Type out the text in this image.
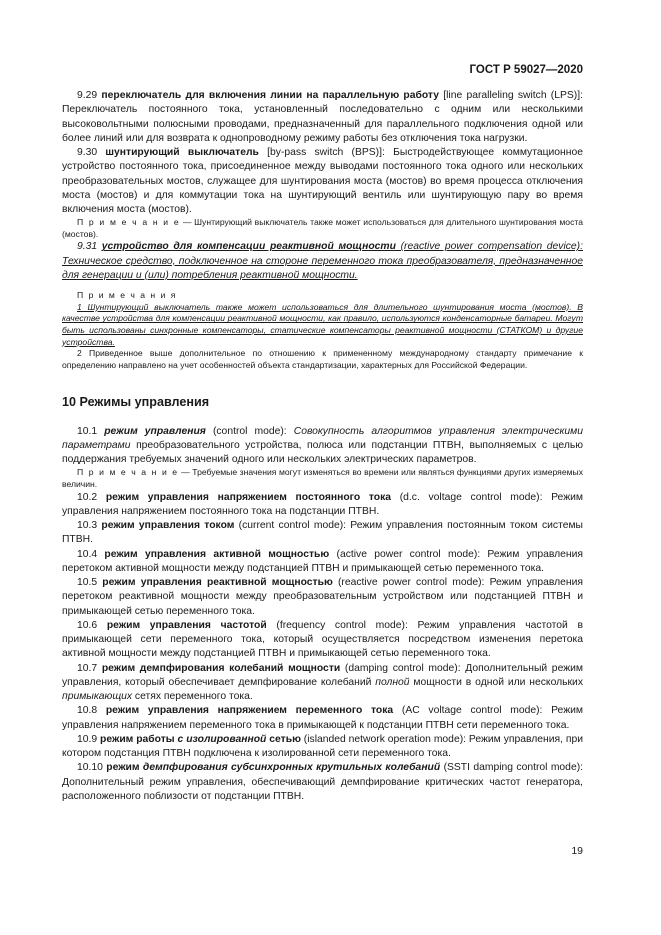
ГОСТ Р 59027—2020

9.29 переключатель для включения линии на параллельную работу [line paralleling switch (LPS)]: Переключатель постоянного тока, установленный последовательно с одним или несколькими высоковольтными полюсными проводами, предназначенный для параллельного подключения одной или более линий или для возврата к однопроводному режиму работы без отключения тока нагрузки.

9.30 шунтирующий выключатель [by-pass switch (BPS)]: Быстродействующее коммутационное устройство постоянного тока, присоединенное между выводами постоянного тока одного или нескольких преобразовательных мостов, служащее для шунтирования моста (мостов) во время процесса отключения моста (мостов) и для коммутации тока на шунтирующий вентиль или шунтирующую пару во время включения моста (мостов).

П р и м е ч а н и е — Шунтирующий выключатель также может использоваться для длительного шунтирования моста (мостов).

9.31 устройство для компенсации реактивной мощности (reactive power compensation device): Техническое средство, подключенное на стороне переменного тока преобразователя, предназначенное для генерации и (или) потребления реактивной мощности.

П р и м е ч а н и я

1 Шунтирующий выключатель также может использоваться для длительного шунтирования моста (мостов). В качестве устройства для компенсации реактивной мощности, как правило, используются конденсаторные батареи. Могут быть использованы синхронные компенсаторы, статические компенсаторы реактивной мощности (СТАТКОМ) и другие устройства.

2 Приведенное выше дополнительное по отношению к примененному международному стандарту примечание к определению направлено на учет особенностей объекта стандартизации, характерных для Российской Федерации.

10 Режимы управления

10.1 режим управления (control mode): Совокупность алгоритмов управления электрическими параметрами преобразовательного устройства, полюса или подстанции ПТВН, выполняемых с целью поддержания требуемых значений одного или нескольких электрических параметров.

П р и м е ч а н и е — Требуемые значения могут изменяться во времени или являться функциями других измеряемых величин.

10.2 режим управления напряжением постоянного тока (d.c. voltage control mode): Режим управления напряжением постоянного тока на подстанции ПТВН.

10.3 режим управления током (current control mode): Режим управления постоянным током системы ПТВН.

10.4 режим управления активной мощностью (active power control mode): Режим управления перетоком активной мощности между подстанцией ПТВН и примыкающей сетью переменного тока.

10.5 режим управления реактивной мощностью (reactive power control mode): Режим управления перетоком реактивной мощности между преобразовательным устройством или подстанцией ПТВН и примыкающей сетью переменного тока.

10.6 режим управления частотой (frequency control mode): Режим управления частотой в примыкающей сети переменного тока, который осуществляется посредством изменения перетока активной мощности между подстанцией ПТВН и примыкающей сетью переменного тока.

10.7 режим демпфирования колебаний мощности (damping control mode): Дополнительный режим управления, который обеспечивает демпфирование колебаний полной мощности в одной или нескольких примыкающих сетях переменного тока.

10.8 режим управления напряжением переменного тока (AC voltage control mode): Режим управления напряжением переменного тока в примыкающей к подстанции ПТВН сети переменного тока.

10.9 режим работы с изолированной сетью (islanded network operation mode): Режим управления, при котором подстанция ПТВН подключена к изолированной сети переменного тока.

10.10 режим демпфирования субсинхронных крутильных колебаний (SSTI damping control mode): Дополнительный режим управления, обеспечивающий демпфирование критических частот генератора, расположенного поблизости от подстанции ПТВН.

19
